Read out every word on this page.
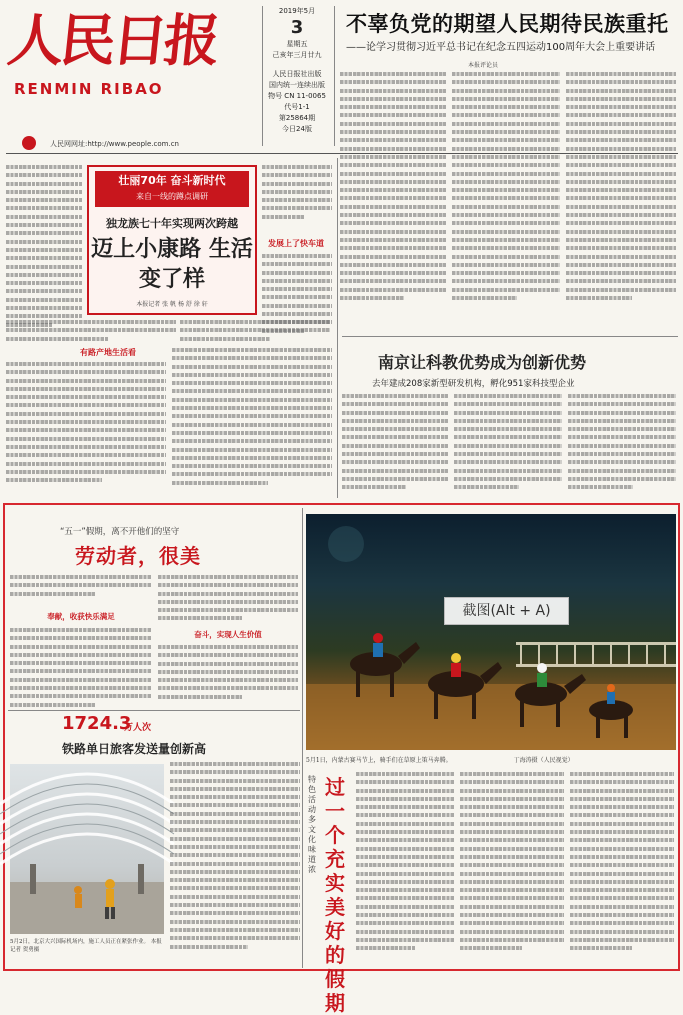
人民日报
RENMIN RIBAO
人民网网址:http://www.people.com.cn
2019年5月
3
星期五
己亥年三月廿九
人民日报社出版
国内统一连续出版物号 CN 11-0065
代号1-1
第25864期
今日24版
不辜负党的期望人民期待民族重托
——论学习贯彻习近平总书记在纪念五四运动100周年大会上重要讲话
本报评论员
壮丽70年 奋斗新时代
来自一线的蹲点调研
独龙族七十年实现两次跨越
迈上小康路 生活变了样
本报记者 张 帆 杨 舒 徐 轩
发展上了快车道
有路产地生活看
南京让科教优势成为创新优势
去年建成208家新型研发机构，孵化951家科技型企业
“五一”假期，离不开他们的坚守
劳动者，很美
奉献，收获快乐满足
奋斗，实现人生价值
1724.3
万人次
铁路单日旅客发送量创新高
5月2日，北京大兴国际机场内，施工人员正在紧张作业。 本报记者 贺勇摄
截图(Alt + A)
5月1日，内蒙古赛马节上，骑手们在草原上策马奔腾。	丁海涛摄（人民视觉）
特色活动多 文化味道浓
过一个充实美好的假期
